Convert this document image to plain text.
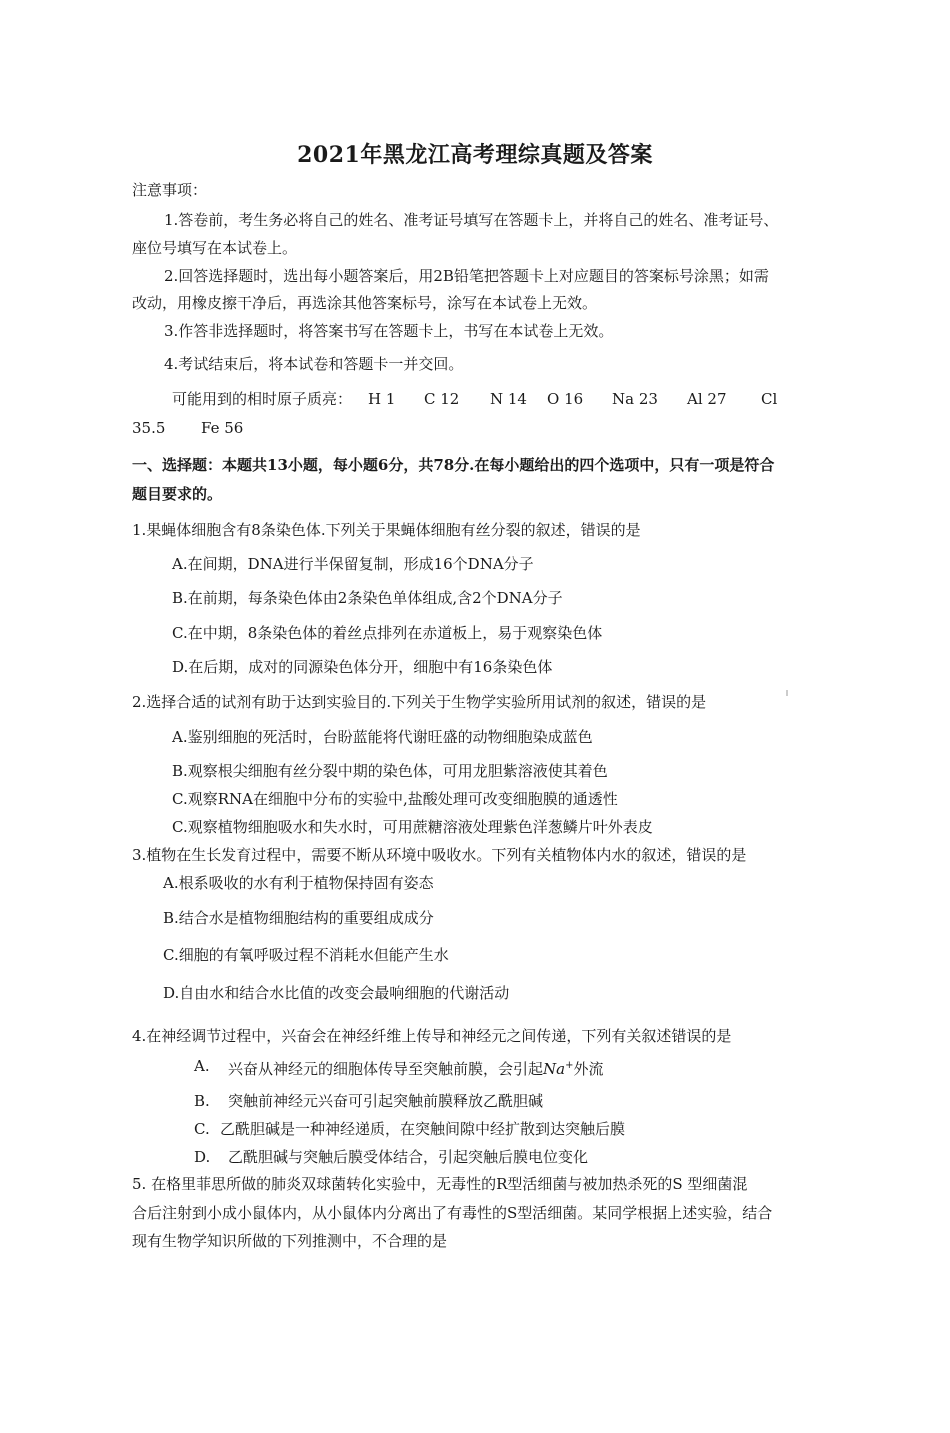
2021年黑龙江高考理综真题及答案
注意事项：
1.答卷前，考生务必将自己的姓名、准考证号填写在答题卡上，并将自己的姓名、准考证号、
座位号填写在本试卷上。
2.回答选择题时，选出每小题答案后，用2B铅笔把答题卡上对应题目的答案标号涂黑；如需
改动，用橡皮擦干净后，再选涂其他答案标号，涂写在本试卷上无效。
3.作答非选择题时，将答案书写在答题卡上，书写在本试卷上无效。
4.考试结束后，将本试卷和答题卡一并交回。
可能用到的相时原子质亮： H 1 C 12 N 14 O 16 Na 23 Al 27 Cl
35.5 Fe 56
一、选择题：本题共13小题，每小题6分，共78分.在每小题给出的四个选项中，只有一项是符合
题目要求的。
1.果蝇体细胞含有8条染色体.下列关于果蝇体细胞有丝分裂的叙述，错误的是
A.在间期，DNA进行半保留复制，形成16个DNA分子
B.在前期，每条染色体由2条染色单体组成,含2个DNA分子
C.在中期，8条染色体的着丝点排列在赤道板上，易于观察染色体
D.在后期，成对的同源染色体分开，细胞中有16条染色体
2.选择合适的试剂有助于达到实验目的.下列关于生物学实验所用试剂的叙述，错误的是
A.鉴别细胞的死活时，台盼蓝能将代谢旺盛的动物细胞染成蓝色
B.观察根尖细胞有丝分裂中期的染色体，可用龙胆紫溶液使其着色
C.观察RNA在细胞中分布的实验中,盐酸处理可改变细胞膜的通透性
C.观察植物细胞吸水和失水时，可用蔗糖溶液处理紫色洋葱鳞片叶外表皮
3.植物在生长发育过程中，需要不断从环境中吸收水。下列有关植物体内水的叙述，错误的是
A.根系吸收的水有利于植物保持固有姿态
B.结合水是植物细胞结构的重要组成成分
C.细胞的有氧呼吸过程不消耗水但能产生水
D.自由水和结合水比值的改变会最响细胞的代谢活动
4.在神经调节过程中，兴奋会在神经纤维上传导和神经元之间传递，下列有关叙述错误的是
A. 兴奋从神经元的细胞体传导至突触前膜，会引起Na+外流
B. 突触前神经元兴奋可引起突触前膜释放乙酰胆碱
C. 乙酰胆碱是一种神经递质，在突触间隙中经扩散到达突触后膜
D. 乙酰胆碱与突触后膜受体结合，引起突触后膜电位变化
5. 在格里菲思所做的肺炎双球菌转化实验中，无毒性的R型活细菌与被加热杀死的S 型细菌混
合后注射到小成小鼠体内，从小鼠体内分离出了有毒性的S型活细菌。某同学根据上述实验，结合
现有生物学知识所做的下列推测中，不合理的是
